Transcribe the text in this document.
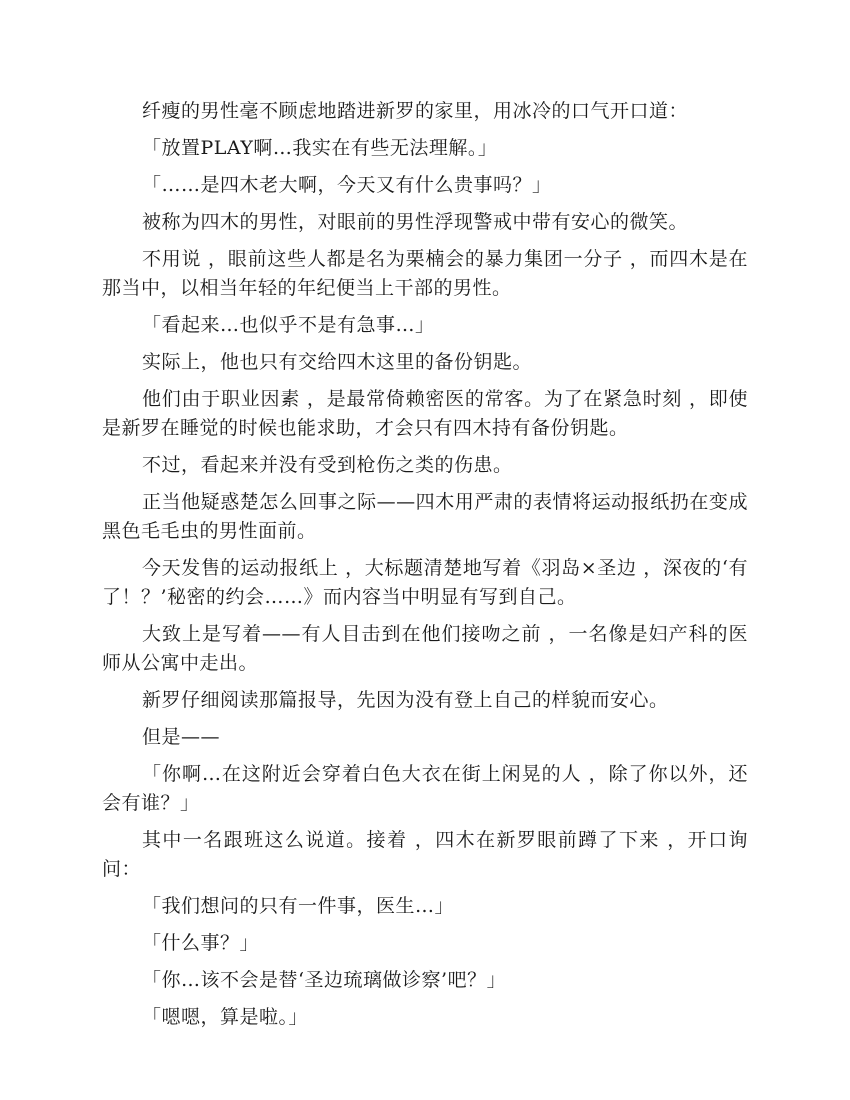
纤瘦的男性毫不顾虑地踏进新罗的家里，用冰冷的口气开口道：

「放置PLAY啊…我实在有些无法理解。」

「……是四木老大啊，今天又有什么贵事吗？」

被称为四木的男性，对眼前的男性浮现警戒中带有安心的微笑。

不用说 ，眼前这些人都是名为栗楠会的暴力集团一分子 ，而四木是在那当中，以相当年轻的年纪便当上干部的男性。

「看起来…也似乎不是有急事…」

实际上，他也只有交给四木这里的备份钥匙。

他们由于职业因素 ，是最常倚赖密医的常客。为了在紧急时刻 ，即使是新罗在睡觉的时候也能求助，才会只有四木持有备份钥匙。

不过，看起来并没有受到枪伤之类的伤患。

正当他疑惑楚怎么回事之际——四木用严肃的表情将运动报纸扔在变成黑色毛毛虫的男性面前。

今天发售的运动报纸上 ，大标题清楚地写着《羽岛×圣边 ，深夜的‘有了！？’秘密的约会……》而内容当中明显有写到自己。

大致上是写着——有人目击到在他们接吻之前 ，一名像是妇产科的医师从公寓中走出。

新罗仔细阅读那篇报导，先因为没有登上自己的样貌而安心。

但是——

「你啊…在这附近会穿着白色大衣在街上闲晃的人 ，除了你以外，还会有谁？」

其中一名跟班这么说道。接着 ，四木在新罗眼前蹲了下来 ，开口询问：

「我们想问的只有一件事，医生…」

「什么事？」

「你…该不会是替‘圣边琉璃做诊察’吧？」

「嗯嗯，算是啦。」
